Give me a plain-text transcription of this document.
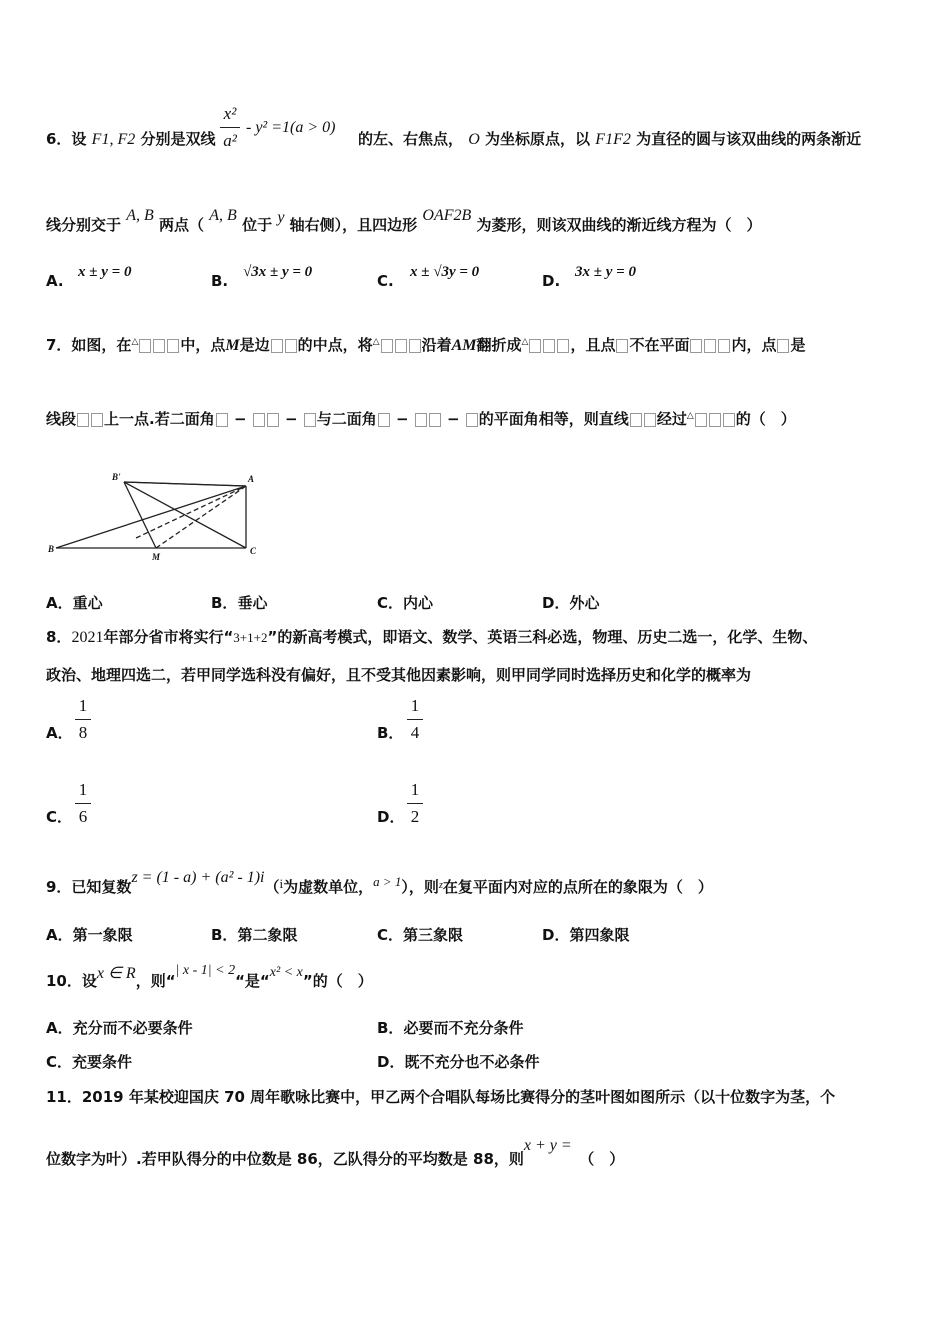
6．设 F1, F2 分别是双线
x²
a²
- y² =1(a > 0)
的左、右焦点， O 为坐标原点，以 F1F2 为直径的圆与该双曲线的两条渐近
线分别交于 A, B 两点（ A, B 位于 y 轴右侧），且四边形 OAF2B 为菱形，则该双曲线的渐近线方程为（　）
A. x ± y = 0	B. √3x ± y = 0	C. x ± √3y = 0	D. 3x ± y = 0
7．如图，在△	中，点M是边 的中点，将△	沿着AM翻折成△	，且点 不在平面	内，点 是
线段 上一点.若二面角 −  − 与二面角 −  − 的平面角相等，则直线 经过△	的（　）
B'	A
B
M
C
A．重心	B．垂心	C．内心	D．外心
8．2021年部分省市将实行“3+1+2”的新高考模式，即语文、数学、英语三科必选，物理、历史二选一，化学、生物、
政治、地理四选二，若甲同学选科没有偏好，且不受其他因素影响，则甲同学同时选择历史和化学的概率为
A．
1
8	B．
1
4
C．
1
6	D．
1
2
9．已知复数z = (1 - a) + (a² - 1)i（i为虚数单位，a > 1），则$^z$在复平面内对应的点所在的象限为（　）
A．第一象限	B．第二象限	C．第三象限	D．第四象限
10．设x ∈ R，则“| x - 1| < 2“是“x² < x”的（　）
A．充分而不必要条件	B．必要而不充分条件
C．充要条件	D．既不充分也不必条件
11．2019 年某校迎国庆 70 周年歌咏比赛中，甲乙两个合唱队每场比赛得分的茎叶图如图所示（以十位数字为茎，个
位数字为叶）.若甲队得分的中位数是 86，乙队得分的平均数是 88，则x + y =　（　）
